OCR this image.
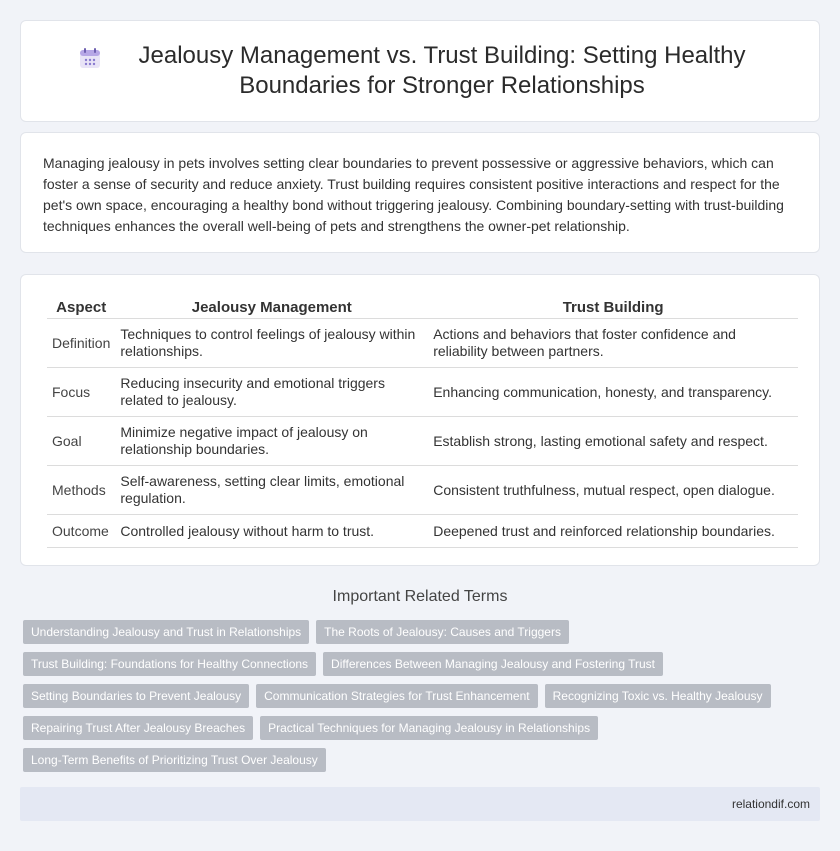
Jealousy Management vs. Trust Building: Setting Healthy Boundaries for Stronger Relationships

Managing jealousy in pets involves setting clear boundaries to prevent possessive or aggressive behaviors, which can foster a sense of security and reduce anxiety. Trust building requires consistent positive interactions and respect for the pet's own space, encouraging a healthy bond without triggering jealousy. Combining boundary-setting with trust-building techniques enhances the overall well-being of pets and strengthens the owner-pet relationship.

Aspect	Jealousy Management	Trust Building
Definition	Techniques to control feelings of jealousy within relationships.	Actions and behaviors that foster confidence and reliability between partners.
Focus	Reducing insecurity and emotional triggers related to jealousy.	Enhancing communication, honesty, and transparency.
Goal	Minimize negative impact of jealousy on relationship boundaries.	Establish strong, lasting emotional safety and respect.
Methods	Self-awareness, setting clear limits, emotional regulation.	Consistent truthfulness, mutual respect, open dialogue.
Outcome	Controlled jealousy without harm to trust.	Deepened trust and reinforced relationship boundaries.
Important Related Terms
Understanding Jealousy and Trust in Relationships	The Roots of Jealousy: Causes and Triggers
Trust Building: Foundations for Healthy Connections	Differences Between Managing Jealousy and Fostering Trust
Setting Boundaries to Prevent Jealousy	Communication Strategies for Trust Enhancement	Recognizing Toxic vs. Healthy Jealousy
Repairing Trust After Jealousy Breaches	Practical Techniques for Managing Jealousy in Relationships
Long-Term Benefits of Prioritizing Trust Over Jealousy
relationdif.com
